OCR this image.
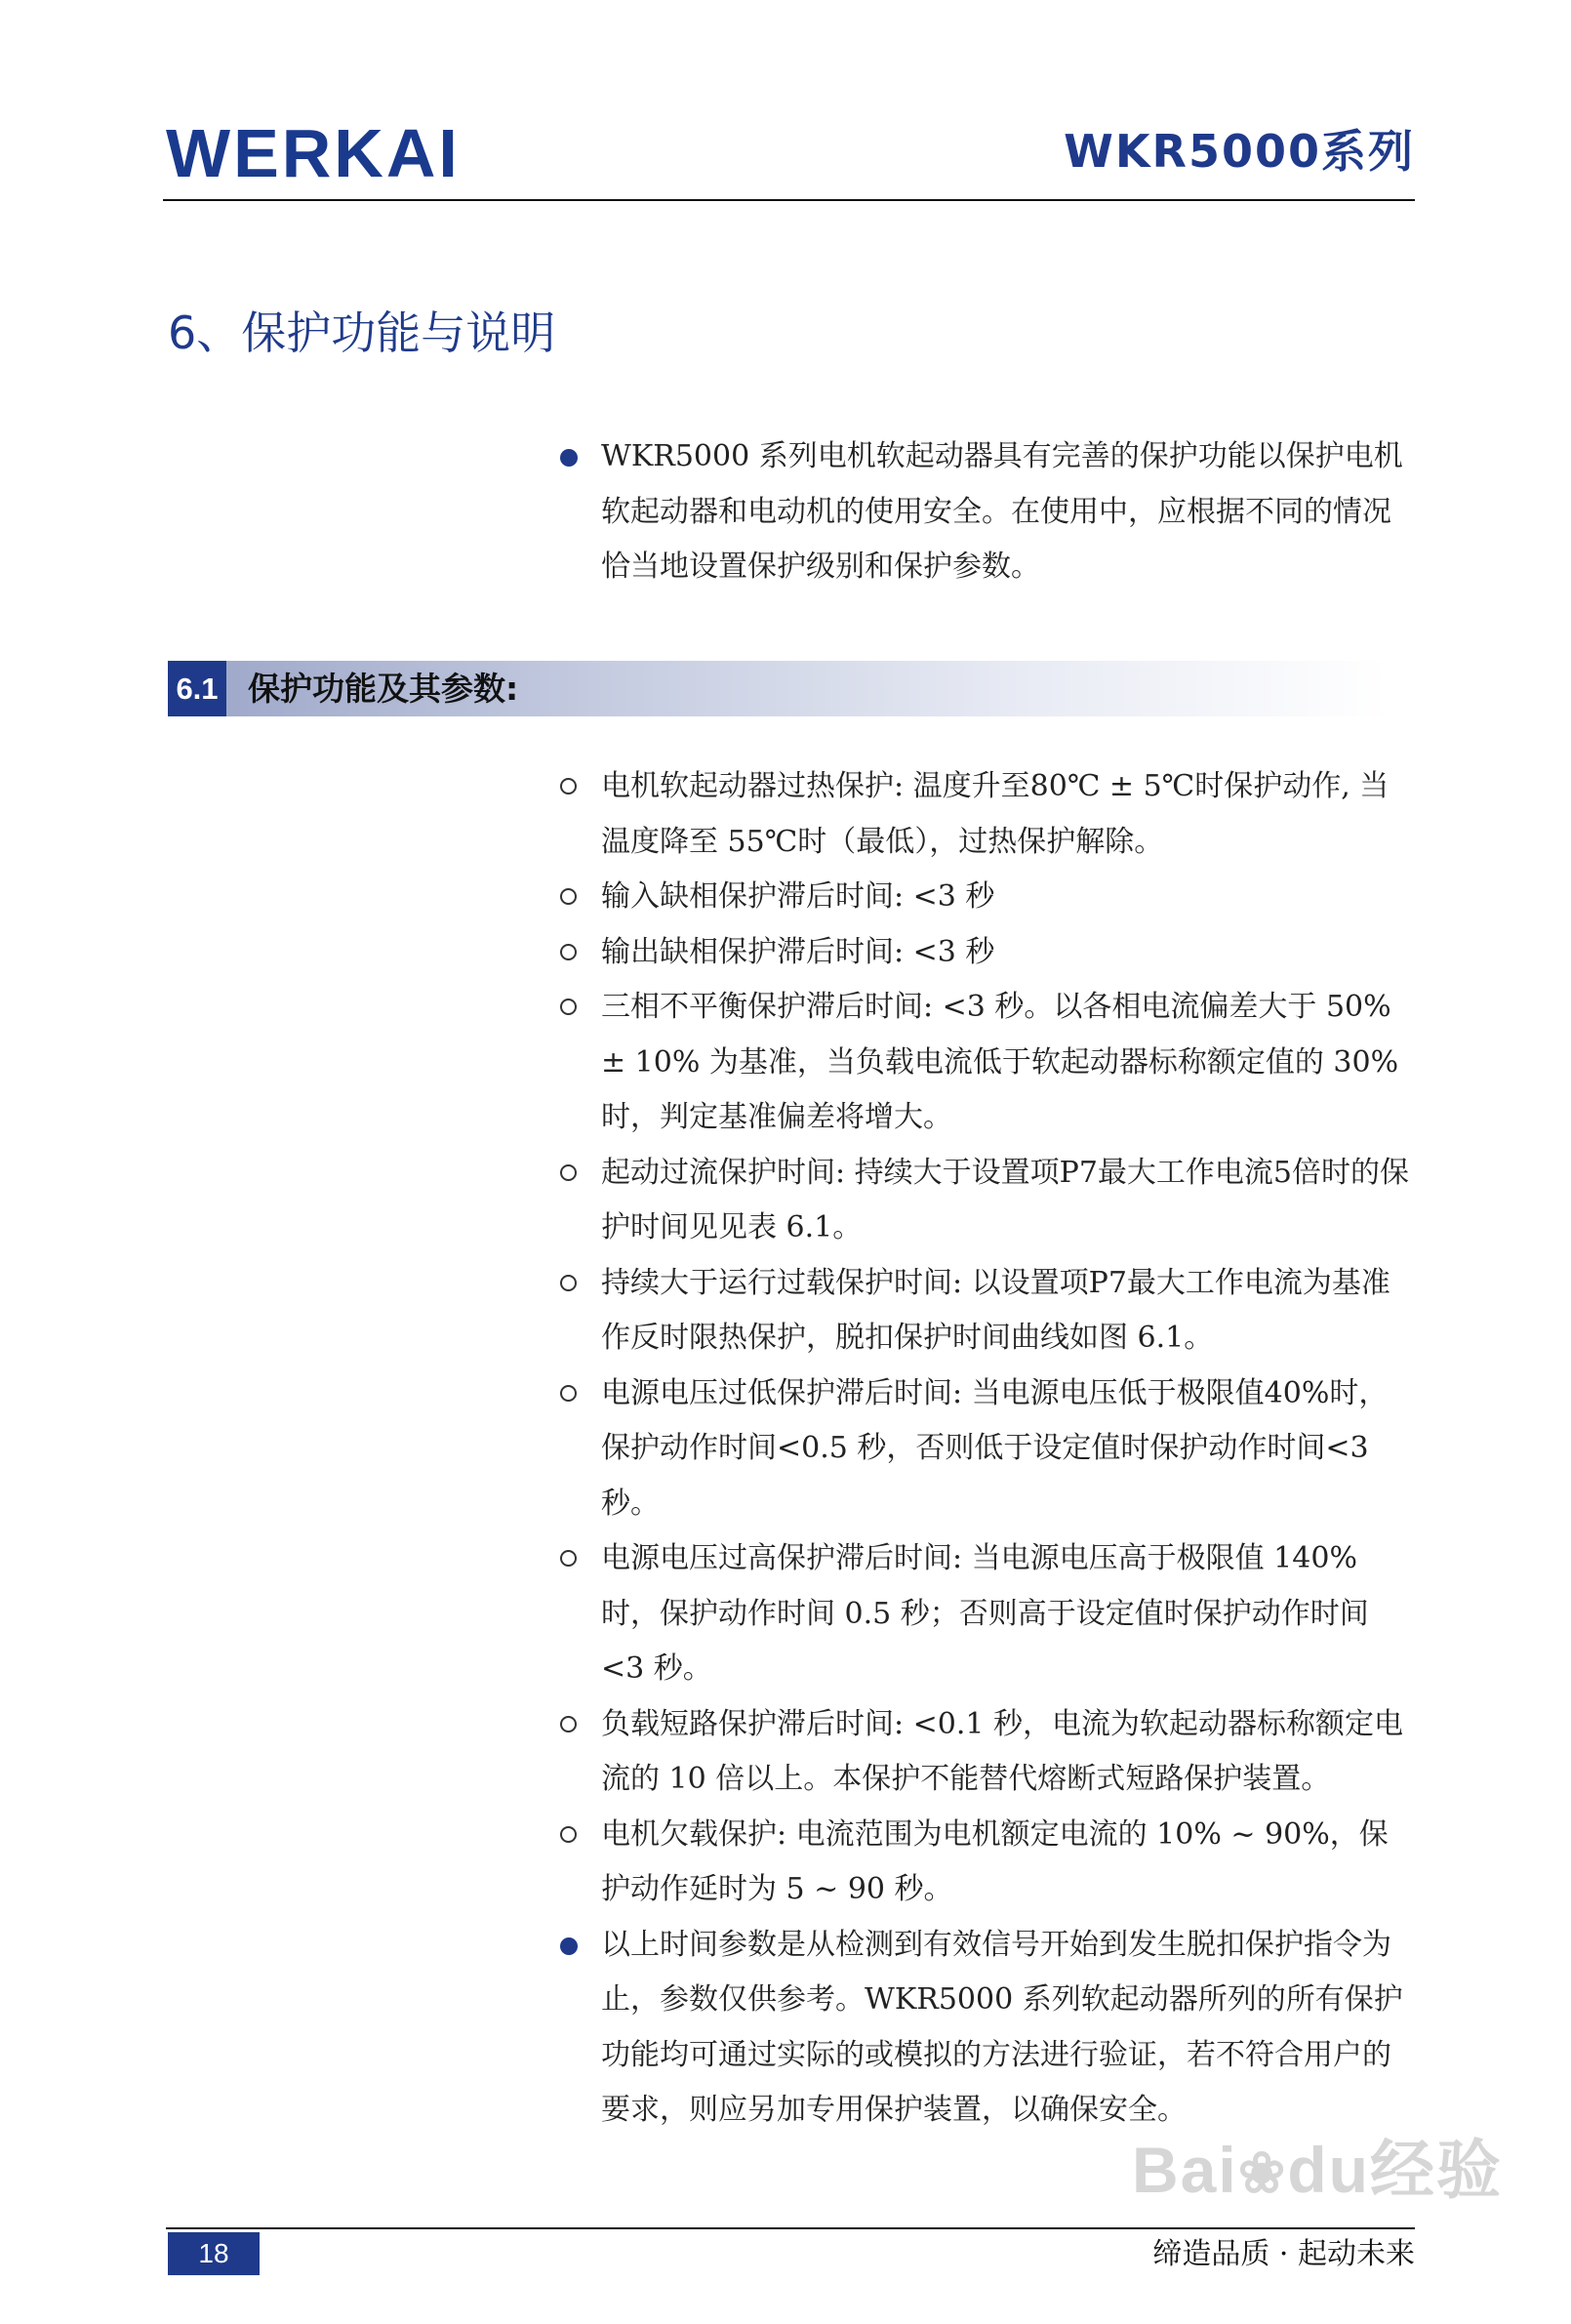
WERKAI	WKR5000系列
6、保护功能与说明
WKR5000 系列电机软起动器具有完善的保护功能以保护电机软起动器和电动机的使用安全。在使用中，应根据不同的情况恰当地设置保护级别和保护参数。
6.1 保护功能及其参数:
电机软起动器过热保护: 温度升至80℃ ± 5℃时保护动作, 当温度降至 55℃时（最低），过热保护解除。
输入缺相保护滞后时间: <3 秒
输出缺相保护滞后时间: <3 秒
三相不平衡保护滞后时间: <3 秒。以各相电流偏差大于 50% ± 10% 为基准，当负载电流低于软起动器标称额定值的 30% 时，判定基准偏差将增大。
起动过流保护时间: 持续大于设置项P7最大工作电流5倍时的保护时间见见表 6.1。
持续大于运行过载保护时间: 以设置项P7最大工作电流为基准作反时限热保护，脱扣保护时间曲线如图 6.1。
电源电压过低保护滞后时间: 当电源电压低于极限值40%时，保护动作时间<0.5 秒，否则低于设定值时保护动作时间<3 秒。
电源电压过高保护滞后时间: 当电源电压高于极限值 140% 时，保护动作时间 0.5 秒；否则高于设定值时保护动作时间 <3 秒。
负载短路保护滞后时间: <0.1 秒，电流为软起动器标称额定电流的 10 倍以上。本保护不能替代熔断式短路保护装置。
电机欠载保护: 电流范围为电机额定电流的 10% ~ 90%，保护动作延时为 5 ~ 90 秒。
以上时间参数是从检测到有效信号开始到发生脱扣保护指令为止，参数仅供参考。WKR5000 系列软起动器所列的所有保护功能均可通过实际的或模拟的方法进行验证，若不符合用户的要求，则应另加专用保护装置，以确保安全。
Bai❀du经验
18	缔造品质 · 起动未来
